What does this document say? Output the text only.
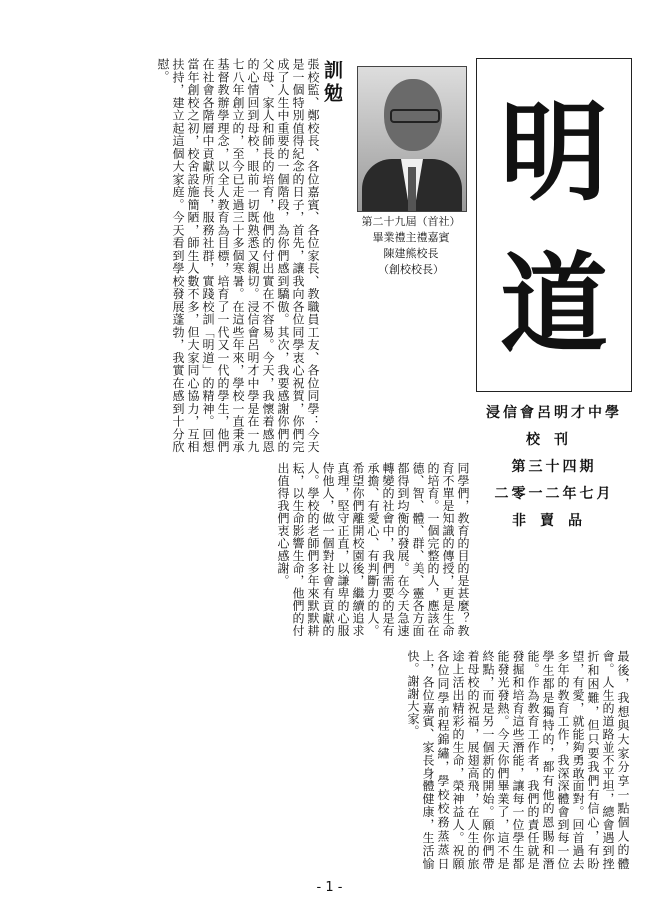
訓勉
張校監、鄭校長、各位嘉賓、各位家長、教職員工友、各位同學：今天是一個特別值得紀念的日子，首先，讓我向各位同學衷心祝賀，你們完成了人生中重要的一個階段，為你們感到驕傲。其次，我要感謝你們的父母、家人和師長的培育，他們的付出實在不容易。今天，我懷着感恩的心情回到母校，眼前一切既熟悉又親切。浸信會呂明才中學是在一九七八年創立的，至今已走過三十多個寒暑。在這些年來，學校一直秉承基督教辦學理念，以全人教育為目標，培育了一代又一代的學生，他們在社會各階層中貢獻所長，服務社群，實踐校訓「明道」的精神。回想當年創校之初，校舍設施簡陋，師生人數不多，但大家同心協力，互相扶持，建立起這個大家庭。今天看到學校發展蓬勃，我實在感到十分欣慰。
第二十九屆（首社）
畢業禮主禮嘉賓
陳建熊校長
（創校校長）
明
道
浸信會呂明才中學
校刊
第三十四期
二零一二年七月
非賣品
同學們，教育的目的是甚麼？教育不單是知識的傳授，更是生命的培育。一個完整的人，應該在德、智、體、群、美、靈各方面都得到均衡的發展。在今天急速轉變的社會中，我們需要的是有承擔、有愛心、有判斷力的人。希望你們離開校園後，繼續追求真理，堅守正直，以謙卑的心服侍他人，做一個對社會有貢獻的人。學校的老師們多年來默默耕耘，以生命影響生命，他們的付出值得我們衷心感謝。
最後，我想與大家分享一點個人的體會。人生的道路並不平坦，總會遇到挫折和困難，但只要我們有信心，有盼望，有愛，就能夠勇敢面對。回首過去多年的教育工作，我深深體會到每一位學生都是獨特的，都有他的恩賜和潛能。作為教育工作者，我們的責任就是發掘和培育這些潛能，讓每一位學生都能發光發熱。今天你們畢業了，這不是終點，而是另一個新的開始。願你們帶着母校的祝福，展翅高飛，在人生的旅途上活出精彩的生命，榮神益人。祝願各位同學前程錦繡，學校校務蒸蒸日上，各位嘉賓、家長身體健康，生活愉快。謝謝大家。
- 1 -
